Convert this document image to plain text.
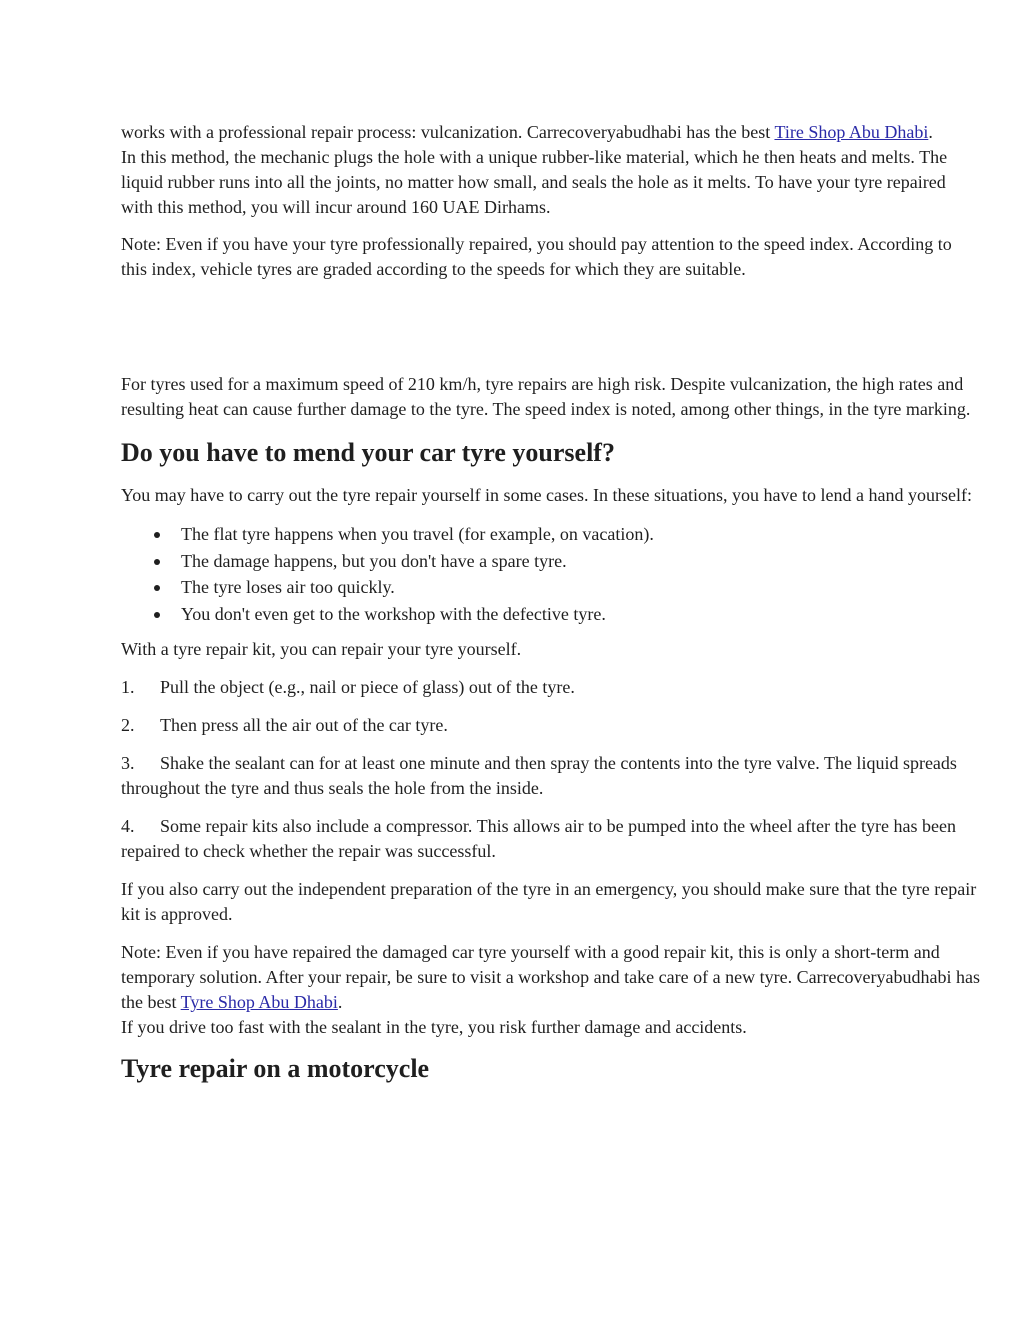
works with a professional repair process: vulcanization. Carrecoveryabudhabi has the best Tire Shop Abu Dhabi.

In this method, the mechanic plugs the hole with a unique rubber-like material, which he then heats and melts. The liquid rubber runs into all the joints, no matter how small, and seals the hole as it melts. To have your tyre repaired with this method, you will incur around 160 UAE Dirhams.

Note: Even if you have your tyre professionally repaired, you should pay attention to the speed index. According to this index, vehicle tyres are graded according to the speeds for which they are suitable.

For tyres used for a maximum speed of 210 km/h, tyre repairs are high risk. Despite vulcanization, the high rates and resulting heat can cause further damage to the tyre. The speed index is noted, among other things, in the tyre marking.

Do you have to mend your car tyre yourself?

You may have to carry out the tyre repair yourself in some cases. In these situations, you have to lend a hand yourself:

The flat tyre happens when you travel (for example, on vacation).
The damage happens, but you don't have a spare tyre.
The tyre loses air too quickly.
You don't even get to the workshop with the defective tyre.

With a tyre repair kit, you can repair your tyre yourself.

1. Pull the object (e.g., nail or piece of glass) out of the tyre.

2. Then press all the air out of the car tyre.

3. Shake the sealant can for at least one minute and then spray the contents into the tyre valve. The liquid spreads throughout the tyre and thus seals the hole from the inside.

4. Some repair kits also include a compressor. This allows air to be pumped into the wheel after the tyre has been repaired to check whether the repair was successful.

If you also carry out the independent preparation of the tyre in an emergency, you should make sure that the tyre repair kit is approved.

Note: Even if you have repaired the damaged car tyre yourself with a good repair kit, this is only a short-term and temporary solution. After your repair, be sure to visit a workshop and take care of a new tyre. Carrecoveryabudhabi has the best Tyre Shop Abu Dhabi.

If you drive too fast with the sealant in the tyre, you risk further damage and accidents.

Tyre repair on a motorcycle
